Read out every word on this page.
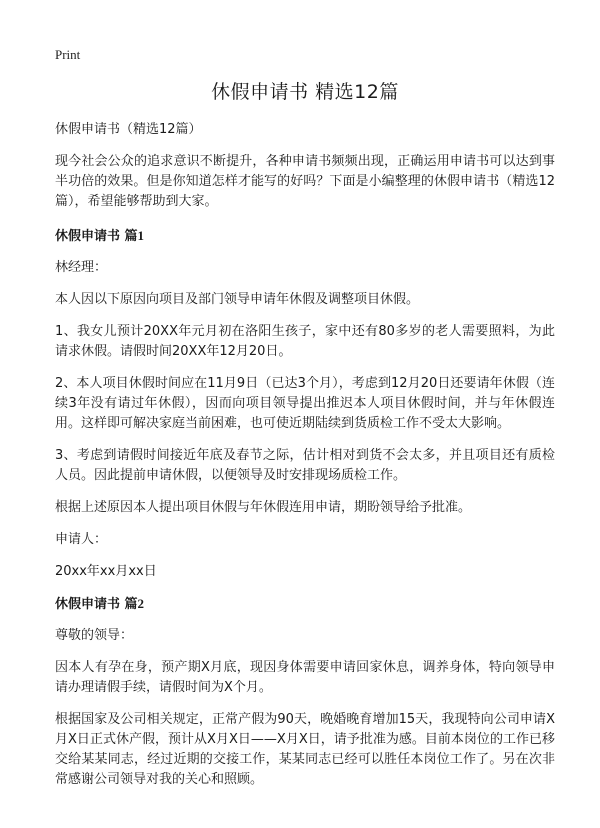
Print
休假申请书 精选12篇

休假申请书（精选12篇）

现今社会公众的追求意识不断提升，各种申请书频频出现，正确运用申请书可以达到事半功倍的效果。但是你知道怎样才能写的好吗？下面是小编整理的休假申请书（精选12篇），希望能够帮助到大家。

休假申请书 篇1

林经理：

本人因以下原因向项目及部门领导申请年休假及调整项目休假。

1、我女儿预计20XX年元月初在洛阳生孩子，家中还有80多岁的老人需要照料，为此请求休假。请假时间20XX年12月20日。

2、本人项目休假时间应在11月9日（已达3个月），考虑到12月20日还要请年休假（连续3年没有请过年休假），因而向项目领导提出推迟本人项目休假时间，并与年休假连用。这样即可解决家庭当前困难，也可使近期陆续到货质检工作不受太大影响。

3、考虑到请假时间接近年底及春节之际，估计相对到货不会太多，并且项目还有质检人员。因此提前申请休假，以便领导及时安排现场质检工作。

根据上述原因本人提出项目休假与年休假连用申请，期盼领导给予批准。

申请人：

20xx年xx月xx日

休假申请书 篇2

尊敬的领导：

因本人有孕在身，预产期X月底，现因身体需要申请回家休息，调养身体，特向领导申请办理请假手续，请假时间为X个月。

根据国家及公司相关规定，正常产假为90天，晚婚晚育增加15天，我现特向公司申请X月X日正式休产假，预计从X月X日——X月X日，请予批准为感。目前本岗位的工作已移交给某某同志，经过近期的交接工作，某某同志已经可以胜任本岗位工作了。另在次非常感谢公司领导对我的关心和照顾。
